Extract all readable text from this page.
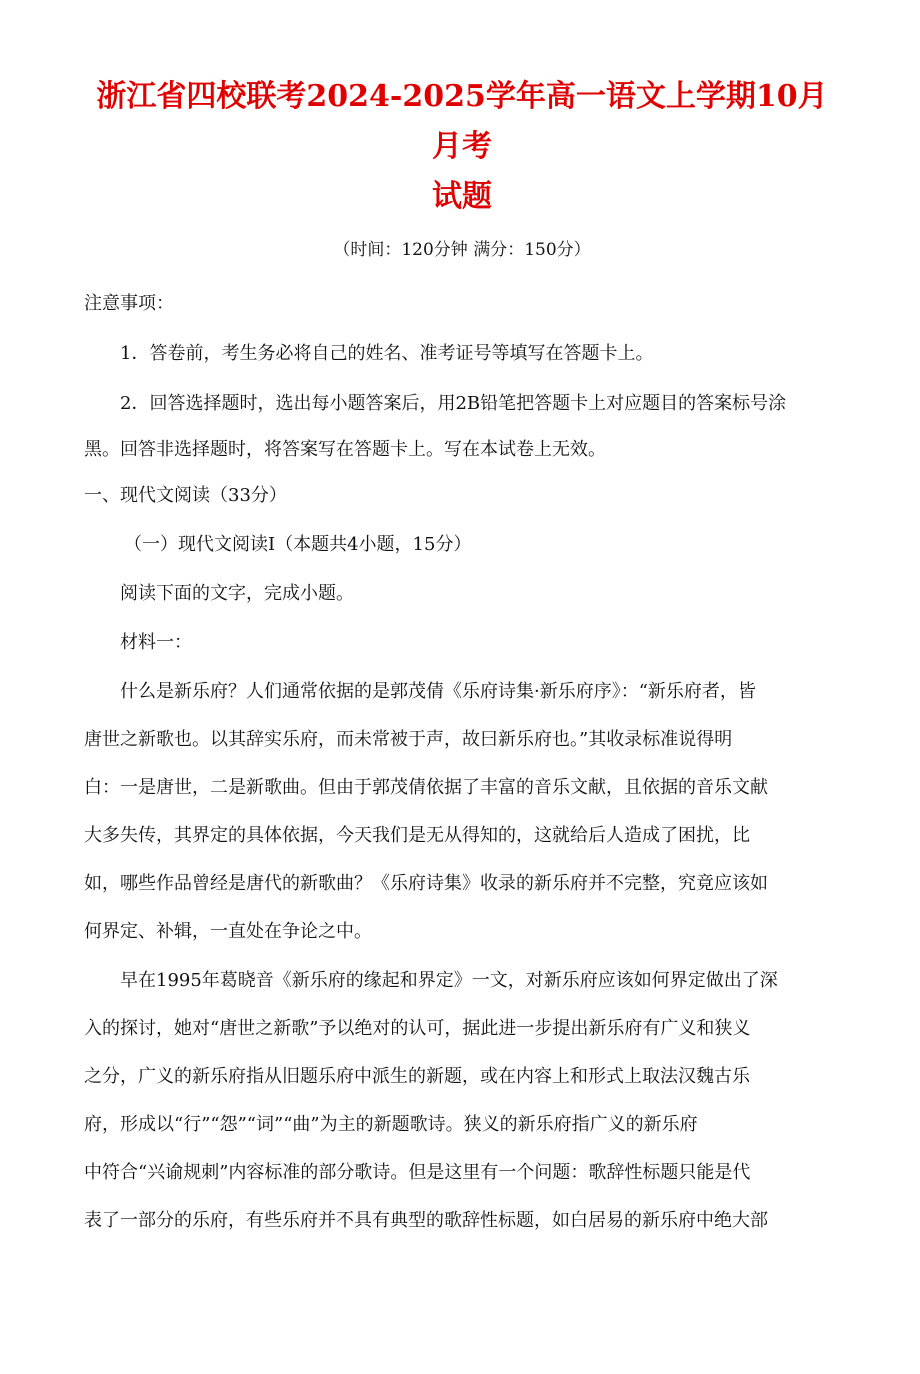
浙江省四校联考2024-2025学年高一语文上学期10月月考
试题
（时间：120分钟 满分：150分）

注意事项：

1．答卷前，考生务必将自己的姓名、准考证号等填写在答题卡上。

2．回答选择题时，选出每小题答案后，用2B铅笔把答题卡上对应题目的答案标号涂

黑。回答非选择题时，将答案写在答题卡上。写在本试卷上无效。

一、现代文阅读（33分）

（一）现代文阅读Ⅰ（本题共4小题，15分）

阅读下面的文字，完成小题。

材料一：

什么是新乐府？人们通常依据的是郭茂倩《乐府诗集·新乐府序》：“新乐府者，皆

唐世之新歌也。以其辞实乐府，而未常被于声，故曰新乐府也。”其收录标准说得明

白：一是唐世，二是新歌曲。但由于郭茂倩依据了丰富的音乐文献，且依据的音乐文献

大多失传，其界定的具体依据，今天我们是无从得知的，这就给后人造成了困扰，比

如，哪些作品曾经是唐代的新歌曲？《乐府诗集》收录的新乐府并不完整，究竟应该如

何界定、补辑，一直处在争论之中。

早在1995年葛晓音《新乐府的缘起和界定》一文，对新乐府应该如何界定做出了深

入的探讨，她对“唐世之新歌”予以绝对的认可，据此进一步提出新乐府有广义和狭义

之分，广义的新乐府指从旧题乐府中派生的新题，或在内容上和形式上取法汉魏古乐

府，形成以“行”“怨”“词”“曲”为主的新题歌诗。狭义的新乐府指广义的新乐府

中符合“兴谕规刺”内容标准的部分歌诗。但是这里有一个问题：歌辞性标题只能是代

表了一部分的乐府，有些乐府并不具有典型的歌辞性标题，如白居易的新乐府中绝大部
